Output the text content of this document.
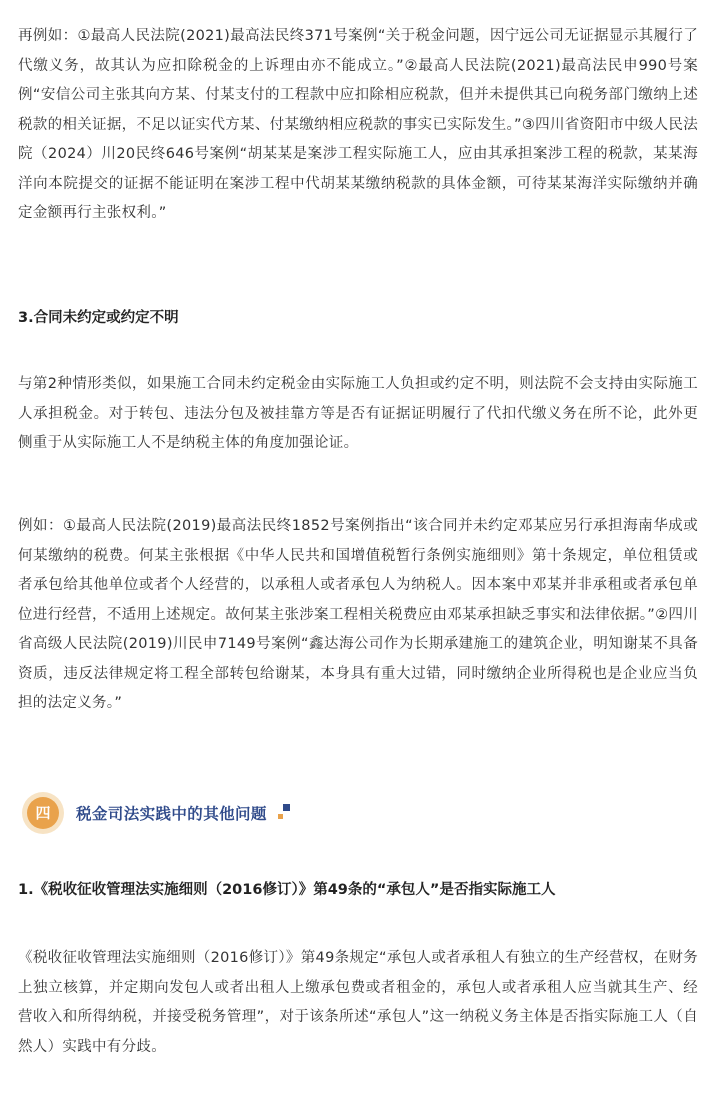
再例如：①最高人民法院(2021)最高法民终371号案例“关于税金问题，因宁远公司无证据显示其履行了代缴义务，故其认为应扣除税金的上诉理由亦不能成立。”②最高人民法院(2021)最高法民申990号案例“安信公司主张其向方某、付某支付的工程款中应扣除相应税款，但并未提供其已向税务部门缴纳上述税款的相关证据，不足以证实代方某、付某缴纳相应税款的事实已实际发生。”③四川省资阳市中级人民法院（2024）川20民终646号案例“胡某某是案涉工程实际施工人，应由其承担案涉工程的税款，某某海洋向本院提交的证据不能证明在案涉工程中代胡某某缴纳税款的具体金额，可待某某海洋实际缴纳并确定金额再行主张权利。”

3.合同未约定或约定不明

与第2种情形类似，如果施工合同未约定税金由实际施工人负担或约定不明，则法院不会支持由实际施工人承担税金。对于转包、违法分包及被挂靠方等是否有证据证明履行了代扣代缴义务在所不论，此外更侧重于从实际施工人不是纳税主体的角度加强论证。

例如：①最高人民法院(2019)最高法民终1852号案例指出“该合同并未约定邓某应另行承担海南华成或何某缴纳的税费。何某主张根据《中华人民共和国增值税暂行条例实施细则》第十条规定，单位租赁或者承包给其他单位或者个人经营的，以承租人或者承包人为纳税人。因本案中邓某并非承租或者承包单位进行经营，不适用上述规定。故何某主张涉案工程相关税费应由邓某承担缺乏事实和法律依据。”②四川省高级人民法院(2019)川民申7149号案例“鑫达海公司作为长期承建施工的建筑企业，明知谢某不具备资质，违反法律规定将工程全部转包给谢某，本身具有重大过错，同时缴纳企业所得税也是企业应当负担的法定义务。”

四	税金司法实践中的其他问题

1.《税收征收管理法实施细则（2016修订）》第49条的“承包人”是否指实际施工人

《税收征收管理法实施细则（2016修订）》第49条规定“承包人或者承租人有独立的生产经营权，在财务上独立核算，并定期向发包人或者出租人上缴承包费或者租金的，承包人或者承租人应当就其生产、经营收入和所得纳税，并接受税务管理”，对于该条所述“承包人”这一纳税义务主体是否指实际施工人（自然人）实践中有分歧。
